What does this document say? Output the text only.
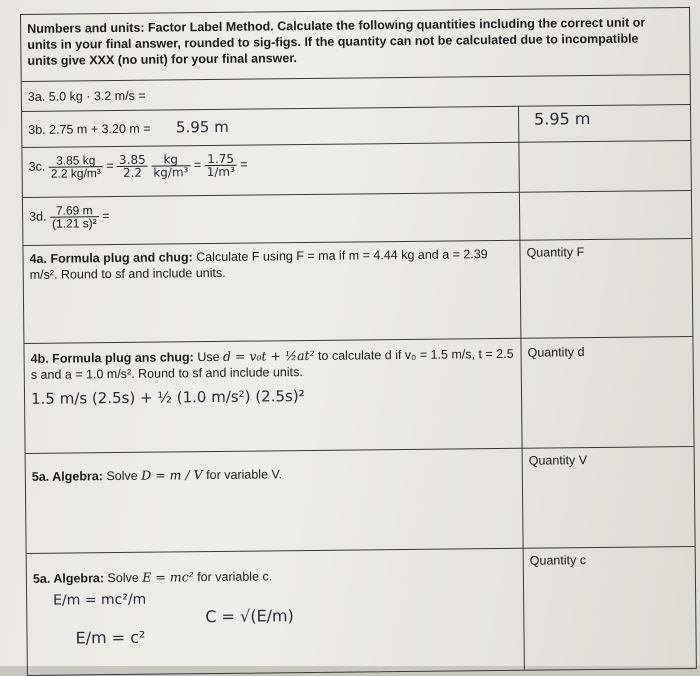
Numbers and units: Factor Label Method. Calculate the following quantities including the correct unit or units in your final answer, rounded to sig-figs. If the quantity can not be calculated due to incompatible units give XXX (no unit) for your final answer.
3a. 5.0 kg · 3.2 m/s =
3b. 2.75 m + 3.20 m = 5.95 m	5.95 m
3c. $\frac{3.85 kg}{\text{2.2 kg/m³}} = \frac{3.85}{2.2}$
$\frac{kg}{\text{kg/m³}} = \frac{1.75}{\text{1/m³}}$ =
3d. $\frac{7.69 m}{\text{(1.21 s)²}}$ =
4a. Formula plug and chug: Calculate F using F = ma if m = 4.44 kg and a = 2.39 m/s². Round to sf and include units.
Quantity F
4b. Formula plug ans chug: Use d = v₀t + ½at² to calculate d if v₀ = 1.5 m/s, t = 2.5 s and a = 1.0 m/s². Round to sf and include units.
1.5 m/s (2.5s) + ½ (1.0 m/s²) (2.5s)²
Quantity d
5a. Algebra: Solve D = m / V for variable V.
Quantity V
5a. Algebra: Solve E = mc² for variable c.
E/m = mc²/m
E/m = c²
C = √(E/m)
Quantity c
